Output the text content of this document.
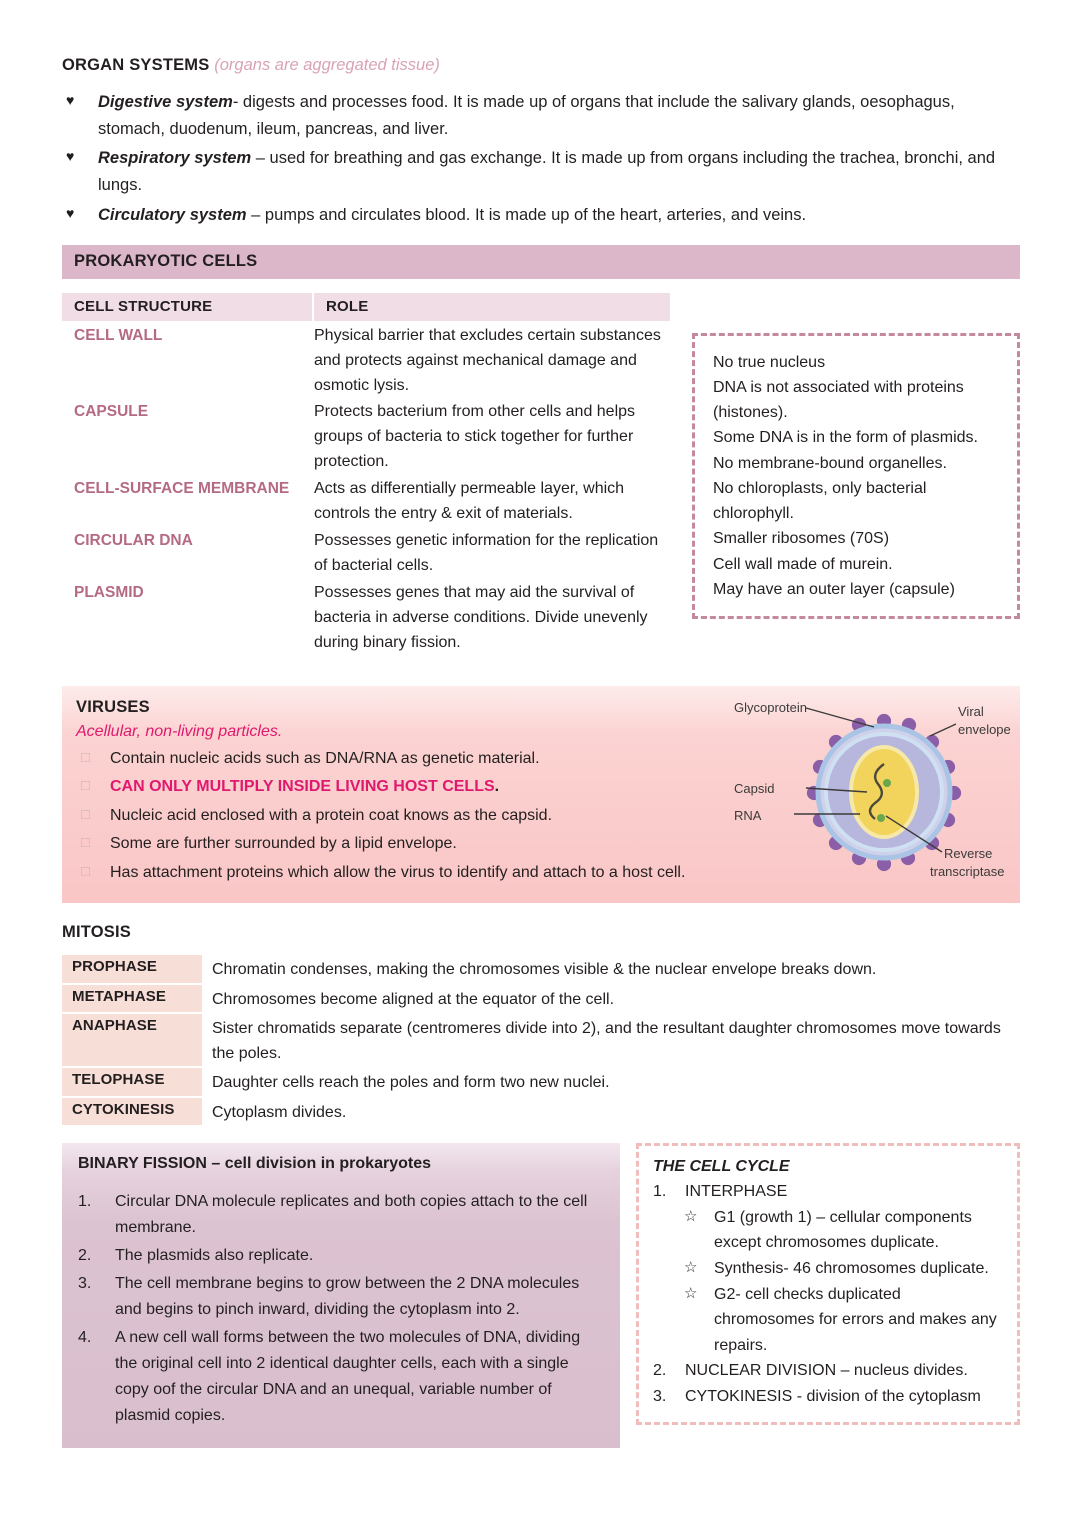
ORGAN SYSTEMS (organs are aggregated tissue)
♥	Digestive system- digests and processes food. It is made up of organs that include the salivary glands, oesophagus, stomach, duodenum, ileum, pancreas, and liver.
♥	Respiratory system – used for breathing and gas exchange. It is made up from organs including the trachea, bronchi, and lungs.
♥	Circulatory system – pumps and circulates blood. It is made up of the heart, arteries, and veins.
PROKARYOTIC CELLS
CELL STRUCTURE	ROLE
CELL WALL	Physical barrier that excludes certain substances and protects against mechanical damage and osmotic lysis.
CAPSULE	Protects bacterium from other cells and helps groups of bacteria to stick together for further protection.
CELL-SURFACE MEMBRANE	Acts as differentially permeable layer, which controls the entry & exit of materials.
CIRCULAR DNA	Possesses genetic information for the replication of bacterial cells.
PLASMID	Possesses genes that may aid the survival of bacteria in adverse conditions. Divide unevenly during binary fission.
No true nucleus
DNA is not associated with proteins (histones).
Some DNA is in the form of plasmids.
No membrane-bound organelles.
No chloroplasts, only bacterial chlorophyll.
Smaller ribosomes (70S)
Cell wall made of murein.
May have an outer layer (capsule)
VIRUSES
Acellular, non-living particles.
□	Contain nucleic acids such as DNA/RNA as genetic material.
□	CAN ONLY MULTIPLY INSIDE LIVING HOST CELLS.
□	Nucleic acid enclosed with a protein coat knows as the capsid.
□	Some are further surrounded by a lipid envelope.
□	Has attachment proteins which allow the virus to identify and attach to a host cell.
Glycoprotein	Viral
envelope
Capsid
RNA
Reverse
transcriptase
MITOSIS
PROPHASE	Chromatin condenses, making the chromosomes visible & the nuclear envelope breaks down.
METAPHASE	Chromosomes become aligned at the equator of the cell.
ANAPHASE	Sister chromatids separate (centromeres divide into 2), and the resultant daughter chromosomes move towards the poles.
TELOPHASE	Daughter cells reach the poles and form two new nuclei.
CYTOKINESIS	Cytoplasm divides.
BINARY FISSION – cell division in prokaryotes
1.	Circular DNA molecule replicates and both copies attach to the cell membrane.
2.	The plasmids also replicate.
3.	The cell membrane begins to grow between the 2 DNA molecules and begins to pinch inward, dividing the cytoplasm into 2.
4.	A new cell wall forms between the two molecules of DNA, dividing the original cell into 2 identical daughter cells, each with a single copy oof the circular DNA and an unequal, variable number of plasmid copies.
THE CELL CYCLE
1.	INTERPHASE
☆	G1 (growth 1) – cellular components except chromosomes duplicate.
☆	Synthesis- 46 chromosomes duplicate.
☆	G2- cell checks duplicated chromosomes for errors and makes any repairs.
2.	NUCLEAR DIVISION – nucleus divides.
3.	CYTOKINESIS - division of the cytoplasm
